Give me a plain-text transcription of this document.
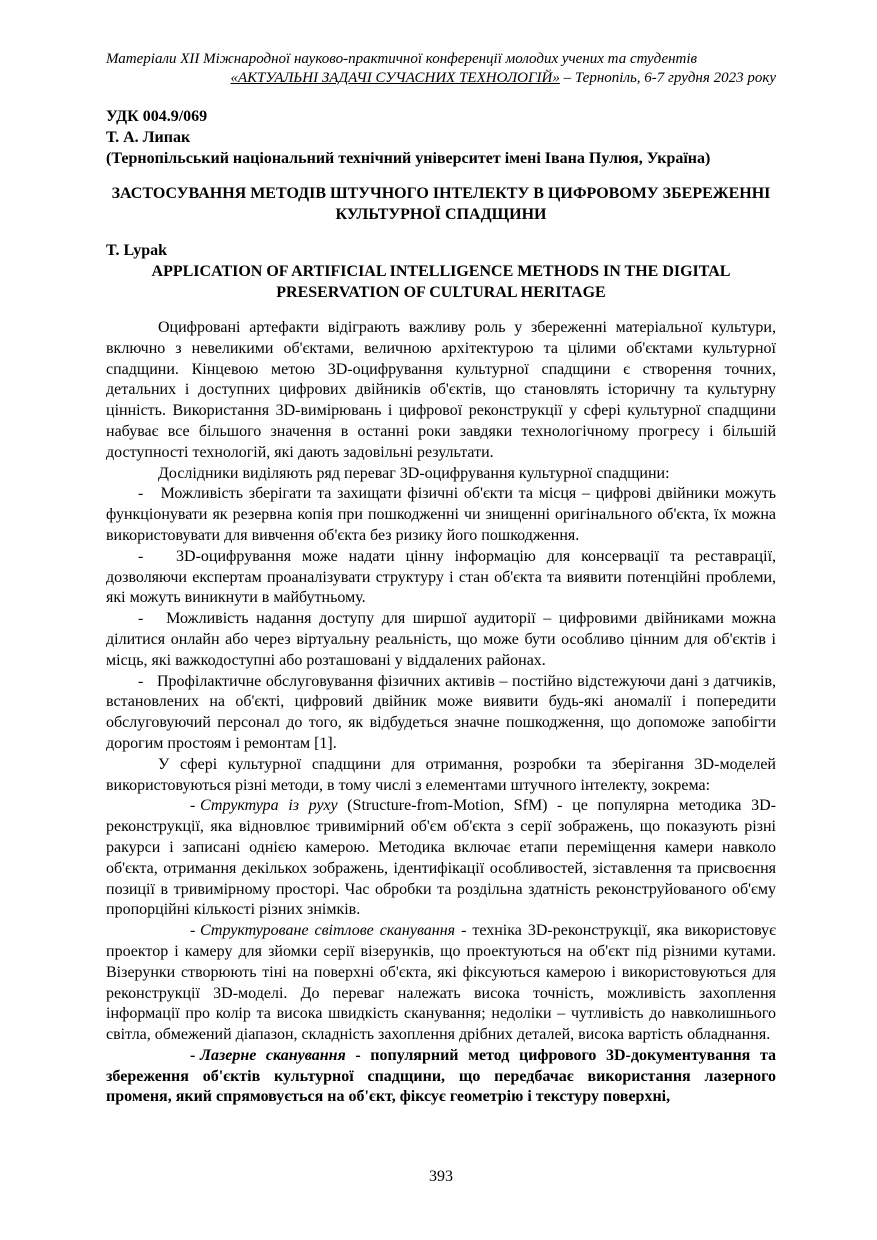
Матеріали ХІІ Міжнародної науково-практичної конференції молодих учених та студентів
«АКТУАЛЬНІ ЗАДАЧІ СУЧАСНИХ ТЕХНОЛОГІЙ» – Тернопіль, 6-7 грудня 2023 року
УДК 004.9/069
Т. А. Липак
(Тернопільський національний технічний університет імені Івана Пулюя, Україна)
ЗАСТОСУВАННЯ МЕТОДІВ ШТУЧНОГО ІНТЕЛЕКТУ В ЦИФРОВОМУ ЗБЕРЕЖЕННІ КУЛЬТУРНОЇ СПАДЩИНИ
T. Lypak
APPLICATION OF ARTIFICIAL INTELLIGENCE METHODS IN THE DIGITAL PRESERVATION OF CULTURAL HERITAGE

Оцифровані артефакти відіграють важливу роль у збереженні матеріальної культури, включно з невеликими об'єктами, величною архітектурою та цілими об'єктами культурної спадщини. Кінцевою метою 3D-оцифрування культурної спадщини є створення точних, детальних і доступних цифрових двійників об'єктів, що становлять історичну та культурну цінність. Використання 3D-вимірювань і цифрової реконструкції у сфері культурної спадщини набуває все більшого значення в останні роки завдяки технологічному прогресу і більшій доступності технологій, які дають задовільні результати.

Дослідники виділяють ряд переваг 3D-оцифрування культурної спадщини:

- Можливість зберігати та захищати фізичні об'єкти та місця – цифрові двійники можуть функціонувати як резервна копія при пошкодженні чи знищенні оригінального об'єкта, їх можна використовувати для вивчення об'єкта без ризику його пошкодження.

- 3D-оцифрування може надати цінну інформацію для консервації та реставрації, дозволяючи експертам проаналізувати структуру і стан об'єкта та виявити потенційні проблеми, які можуть виникнути в майбутньому.

- Можливість надання доступу для ширшої аудиторії – цифровими двійниками можна ділитися онлайн або через віртуальну реальність, що може бути особливо цінним для об'єктів і місць, які важкодоступні або розташовані у віддалених районах.

- Профілактичне обслуговування фізичних активів – постійно відстежуючи дані з датчиків, встановлених на об'єкті, цифровий двійник може виявити будь-які аномалії і попередити обслуговуючий персонал до того, як відбудеться значне пошкодження, що допоможе запобігти дорогим простоям і ремонтам [1].

У сфері культурної спадщини для отримання, розробки та зберігання 3D-моделей використовуються різні методи, в тому числі з елементами штучного інтелекту, зокрема:

- Структура із руху (Structure-from-Motion, SfM) - це популярна методика 3D-реконструкції, яка відновлює тривимірний об'єм об'єкта з серії зображень, що показують різні ракурси і записані однією камерою. Методика включає етапи переміщення камери навколо об'єкта, отримання декількох зображень, ідентифікації особливостей, зіставлення та присвоєння позиції в тривимірному просторі. Час обробки та роздільна здатність реконструйованого об'єму пропорційні кількості різних знімків.

- Структуроване світлове сканування - техніка 3D-реконструкції, яка використовує проектор і камеру для зйомки серії візерунків, що проектуються на об'єкт під різними кутами. Візерунки створюють тіні на поверхні об'єкта, які фіксуються камерою і використовуються для реконструкції 3D-моделі. До переваг належать висока точність, можливість захоплення інформації про колір та висока швидкість сканування; недоліки – чутливість до навколишнього світла, обмежений діапазон, складність захоплення дрібних деталей, висока вартість обладнання.

- Лазерне сканування - популярний метод цифрового 3D-документування та збереження об'єктів культурної спадщини, що передбачає використання лазерного променя, який спрямовується на об'єкт, фіксує геометрію і текстуру поверхні,

393
